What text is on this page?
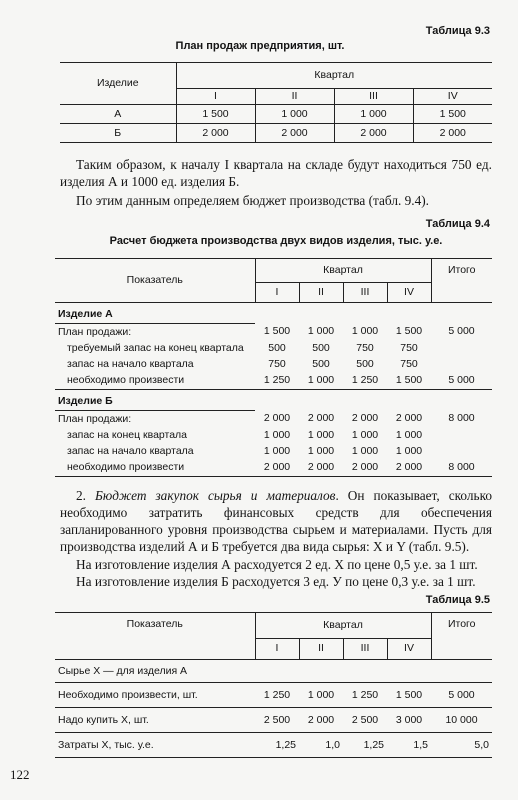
Таблица 9.3
План продаж предприятия, шт.
Изделие	Квартал			
	I	II	III	IV
А	1 500	1 000	1 000	1 500
Б	2 000	2 000	2 000	2 000

Таким образом, к началу I квартала на складе будут находиться 750 ед. изделия А и 1000 ед. изделия Б.

По этим данным определяем бюджет производства (табл. 9.4).

Таблица 9.4
Расчет бюджета производства двух видов изделия, тыс. у.е.
Показатель	Квартал				Итого
	I	II	III	IV	
Изделие А					
План продажи:	1 500	1 000	1 000	1 500	5 000
требуемый запас на конец квартала	500	500	750	750	
запас на начало квартала	750	500	500	750	
необходимо произвести	1 250	1 000	1 250	1 500	5 000
Изделие Б					
План продажи:	2 000	2 000	2 000	2 000	8 000
запас на конец квартала	1 000	1 000	1 000	1 000	
запас на начало квартала	1 000	1 000	1 000	1 000	
необходимо произвести	2 000	2 000	2 000	2 000	8 000

2. Бюджет закупок сырья и материалов. Он показывает, сколько необходимо затратить финансовых средств для обеспечения запланированного уровня производства сырьем и материалами. Пусть для производства изделий А и Б требуется два вида сырья: X и Y (табл. 9.5).

На изготовление изделия А расходуется 2 ед. X по цене 0,5 у.е. за 1 шт.

На изготовление изделия Б расходуется 3 ед. У по цене 0,3 у.е. за 1 шт.

Таблица 9.5
Показатель	Квартал				Итого
	I	II	III	IV	
Сырье X — для изделия А					
Необходимо произвести, шт.	1 250	1 000	1 250	1 500	5 000
Надо купить X, шт.	2 500	2 000	2 500	3 000	10 000
Затраты X, тыс. у.е.	1,25	1,0	1,25	1,5	5,0
122
